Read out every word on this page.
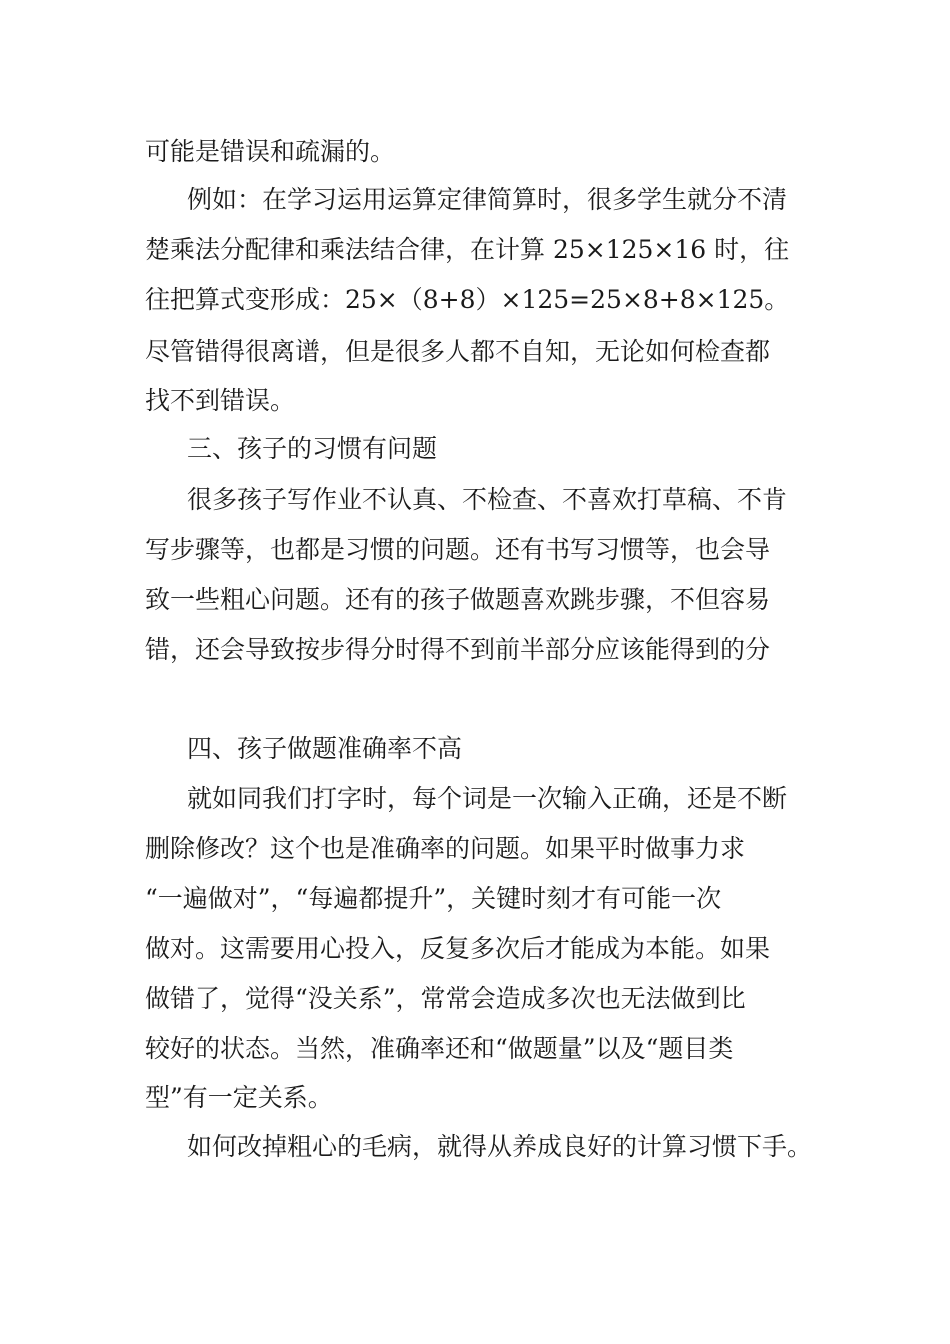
可能是错误和疏漏的。
例如：在学习运用运算定律简算时，很多学生就分不清
楚乘法分配律和乘法结合律，在计算 25×125×16 时，往
往把算式变形成：25×（8+8）×125=25×8+8×125。
尽管错得很离谱，但是很多人都不自知，无论如何检查都
找不到错误。
三、孩子的习惯有问题
很多孩子写作业不认真、不检查、不喜欢打草稿、不肯
写步骤等，也都是习惯的问题。还有书写习惯等，也会导
致一些粗心问题。还有的孩子做题喜欢跳步骤，不但容易
错，还会导致按步得分时得不到前半部分应该能得到的分
四、孩子做题准确率不高
就如同我们打字时，每个词是一次输入正确，还是不断
删除修改？这个也是准确率的问题。如果平时做事力求
“一遍做对”，“每遍都提升”，关键时刻才有可能一次
做对。这需要用心投入，反复多次后才能成为本能。如果
做错了，觉得“没关系”，常常会造成多次也无法做到比
较好的状态。当然，准确率还和“做题量”以及“题目类
型”有一定关系。
如何改掉粗心的毛病，就得从养成良好的计算习惯下手。
